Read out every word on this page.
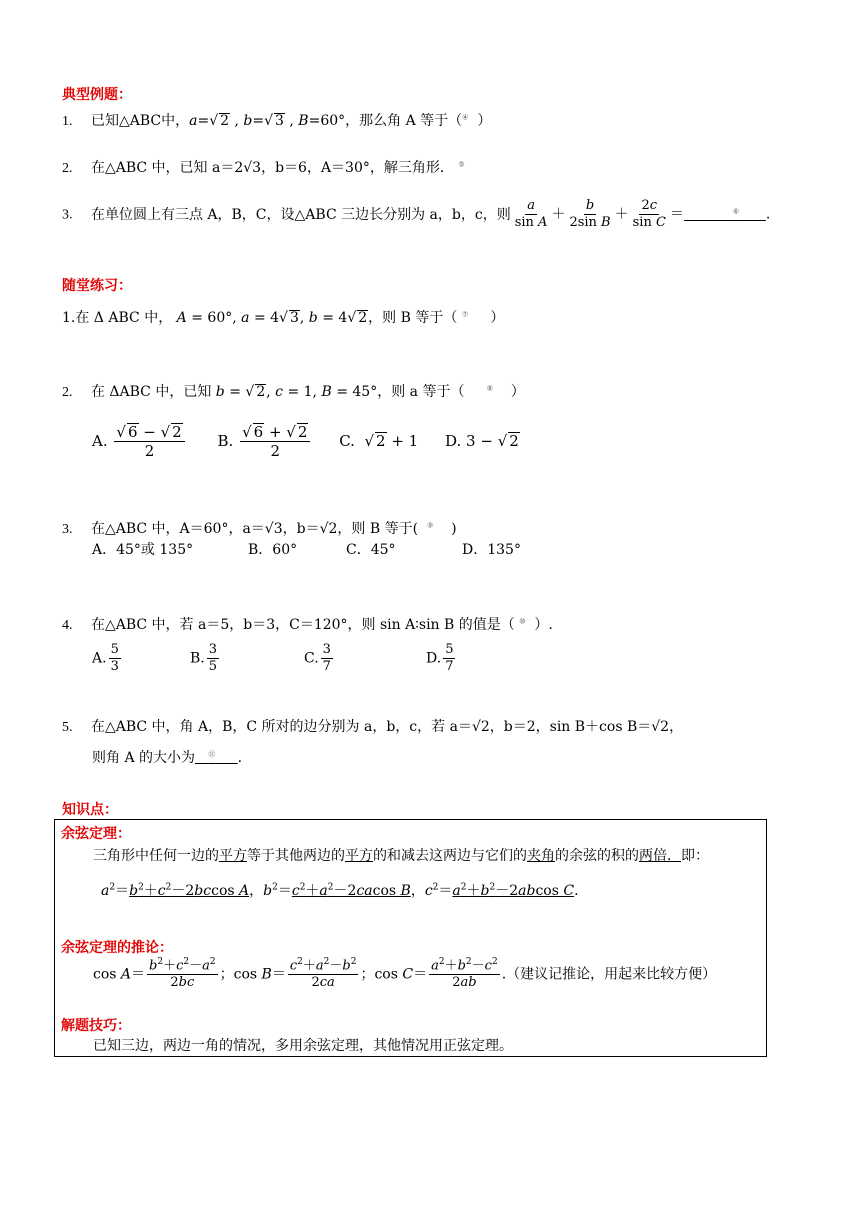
典型例题：
1. 已知△ABC中，a= √ 2 , b= √ 3 , B=60°，那么角 A 等于（④ ）
2. 在△ABC 中，已知 a＝2√3，b＝6，A＝30°，解三角形． ⑤
3. 在单位圆上有三点 A，B，C，设△ABC 三边长分别为 a，b，c，则 $\frac{a}{\text{sin A}} + \frac{b}{\text{2sin B}} + \frac{2c}{\text{sin C}}$ ＝	⑥ .
随堂练习：
1.在 Δ ABC 中， A = 60°, a = 4 √ 3, b = 4 √ 2，则 B 等于（ ⑦ ）
2. 在 ΔABC 中，已知 b = √ 2, c = 1, B = 45°，则 a 等于（	⑧ ）
A. √ $\frac{6 - √ 2}{2} B$. √ $\frac{6 + √ 2}{2} C$. √ 2 + 1 D. 3 − √ 2
3. 在△ABC 中，A＝60°，a＝√3，b＝√2，则 B 等于( ⑨ )
A．45°或 135°	B．60°	C．45°	D．135°
4. 在△ABC 中，若 a＝5，b＝3，C＝120°，则 sin A∶sin B 的值是（ ⑩ ）.
A. $\frac{5}{3}$	B. $\frac{3}{5}$	C. $\frac{3}{7}$	D. $\frac{5}{7}$
5. 在△ABC 中，角 A，B，C 所对的边分别为 a，b，c，若 a＝√2，b＝2，sin B＋cos B＝√2，
则角 A 的大小为 ⑪ .
知识点：
余弦定理：
三角形中任何一边的平方等于其他两边的平方的和减去这两边与它们的夹角的余弦的积的两倍．即：
$a^2=b^2+c^2-2bccos$ A，$b^2=c^2+a^2-2cacos$ B，$c^2=a^2+b^2-2abcos$ C.
余弦定理的推论：
$\cos A= \frac{b^2+c^2-a^2}{2bc}$ ；$\cos B= \frac{c^2+a^2-b^2}{2ca}$ ；$\cos C= \frac{a^2+b^2-c^2}{2ab}$ .（建议记推论，用起来比较方便）
解题技巧：
已知三边，两边一角的情况，多用余弦定理，其他情况用正弦定理。
